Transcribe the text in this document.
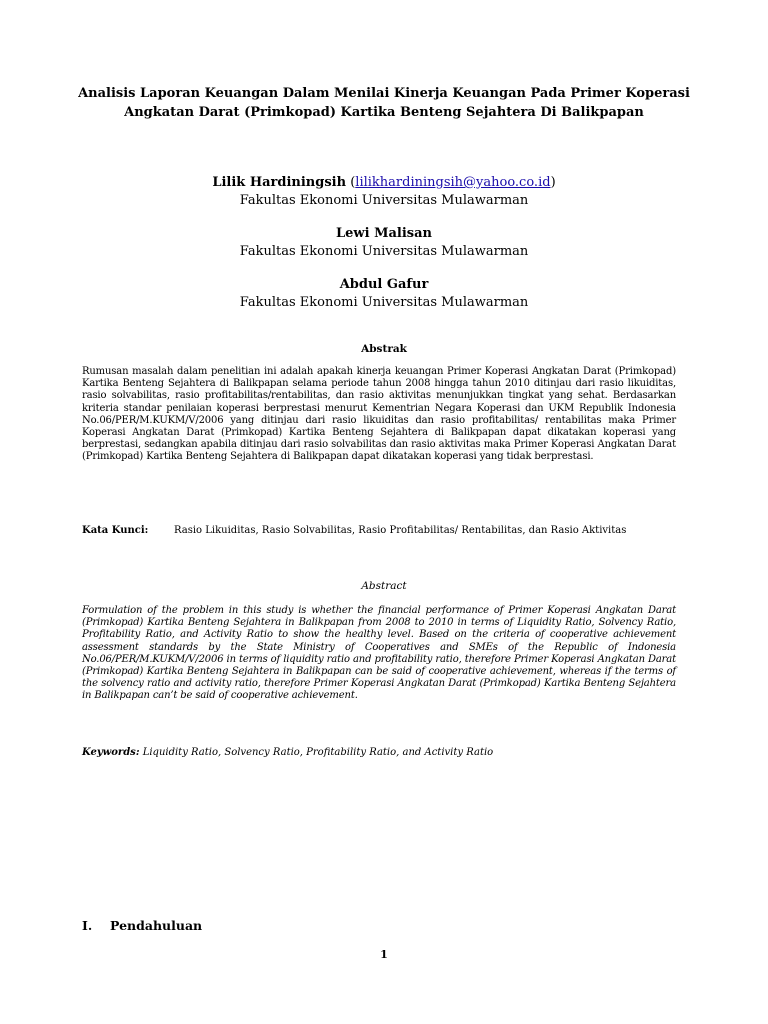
Analisis Laporan Keuangan Dalam Menilai Kinerja Keuangan Pada Primer Koperasi
Angkatan Darat (Primkopad) Kartika Benteng Sejahtera Di Balikpapan
Lilik Hardiningsih (lilikhardiningsih@yahoo.co.id)
Fakultas Ekonomi Universitas Mulawarman
Lewi Malisan
Fakultas Ekonomi Universitas Mulawarman
Abdul Gafur
Fakultas Ekonomi Universitas Mulawarman
Abstrak
Rumusan masalah dalam penelitian ini adalah apakah kinerja keuangan Primer Koperasi Angkatan Darat (Primkopad) Kartika Benteng Sejahtera di Balikpapan selama periode tahun 2008 hingga tahun 2010 ditinjau dari rasio likuiditas, rasio solvabilitas, rasio profitabilitas/rentabilitas, dan rasio aktivitas menunjukkan tingkat yang sehat. Berdasarkan kriteria standar penilaian koperasi berprestasi menurut Kementrian Negara Koperasi dan UKM Republik Indonesia No.06/PER/M.KUKM/V/2006 yang ditinjau dari rasio likuiditas dan rasio profitabilitas/ rentabilitas maka Primer Koperasi Angkatan Darat (Primkopad) Kartika Benteng Sejahtera di Balikpapan dapat dikatakan koperasi yang berprestasi, sedangkan apabila ditinjau dari rasio solvabilitas dan rasio aktivitas maka Primer Koperasi Angkatan Darat (Primkopad) Kartika Benteng Sejahtera di Balikpapan dapat dikatakan koperasi yang tidak berprestasi.
Kata Kunci:	Rasio Likuiditas, Rasio Solvabilitas, Rasio Profitabilitas/ Rentabilitas, dan Rasio Aktivitas
Abstract
Formulation of the problem in this study is whether the financial performance of Primer Koperasi Angkatan Darat (Primkopad) Kartika Benteng Sejahtera in Balikpapan from 2008 to 2010 in terms of Liquidity Ratio, Solvency Ratio, Profitability Ratio, and Activity Ratio to show the healthy level. Based on the criteria of cooperative achievement assessment standards by the State Ministry of Cooperatives and SMEs of the Republic of Indonesia No.06/PER/M.KUKM/V/2006 in terms of liquidity ratio and profitability ratio, therefore Primer Koperasi Angkatan Darat (Primkopad) Kartika Benteng Sejahtera in Balikpapan can be said of cooperative achievement, whereas if the terms of the solvency ratio and activity ratio, therefore Primer Koperasi Angkatan Darat (Primkopad) Kartika Benteng Sejahtera in Balikpapan can’t be said of cooperative achievement.
Keywords: Liquidity Ratio, Solvency Ratio, Profitability Ratio, and Activity Ratio
I. Pendahuluan
1
